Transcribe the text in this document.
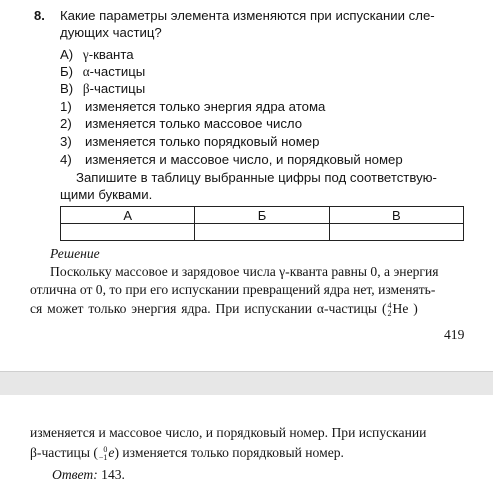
8. Какие параметры элемента изменяются при испускании сле-
дующих частиц?
А) γ-кванта
Б) α-частицы
В) β-частицы
1) изменяется только энергия ядра атома
2) изменяется только массовое число
3) изменяется только порядковый номер
4) изменяется и массовое число, и порядковый номер
Запишите в таблицу выбранные цифры под соответствую-
щими буквами.
А	Б	В

Решение
Поскольку массовое и зарядовое числа γ-кванта равны 0, а энергия
отлична от 0, то при его испускании превращений ядра нет, изменять-
ся может только энергия ядра. При испускании α-частицы ( 4
2 He )
419
изменяется и массовое число, и порядковый номер. При испускании
β-частицы ( 0
−1 e) изменяется только порядковый номер.
Ответ: 143.
